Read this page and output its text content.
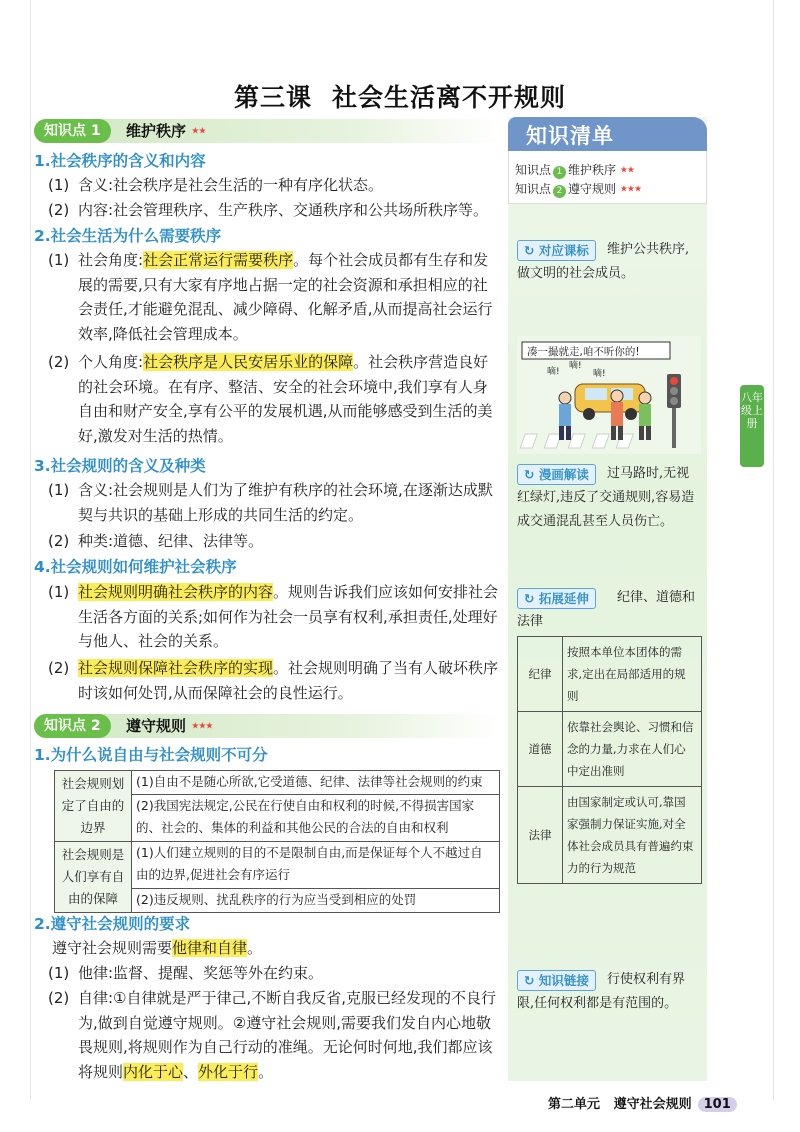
第三课 社会生活离不开规则
知识点 1	维护秩序 ★★
1.社会秩序的含义和内容
(1) 含义:社会秩序是社会生活的一种有序化状态。
(2) 内容:社会管理秩序、生产秩序、交通秩序和公共场所秩序等。
2.社会生活为什么需要秩序
(1) 社会角度:社会正常运行需要秩序。每个社会成员都有生存和发展的需要,只有大家有序地占据一定的社会资源和承担相应的社会责任,才能避免混乱、减少障碍、化解矛盾,从而提高社会运行效率,降低社会管理成本。
(2) 个人角度:社会秩序是人民安居乐业的保障。社会秩序营造良好的社会环境。在有序、整洁、安全的社会环境中,我们享有人身自由和财产安全,享有公平的发展机遇,从而能够感受到生活的美好,激发对生活的热情。
3.社会规则的含义及种类
(1) 含义:社会规则是人们为了维护有秩序的社会环境,在逐渐达成默契与共识的基础上形成的共同生活的约定。
(2) 种类:道德、纪律、法律等。
4.社会规则如何维护社会秩序
(1) 社会规则明确社会秩序的内容。规则告诉我们应该如何安排社会生活各方面的关系;如何作为社会一员享有权利,承担责任,处理好与他人、社会的关系。
(2) 社会规则保障社会秩序的实现。社会规则明确了当有人破坏秩序时该如何处罚,从而保障社会的良性运行。
知识点 2	遵守规则 ★★★
1.为什么说自由与社会规则不可分
社会规则划定了自由的边界	(1)自由不是随心所欲,它受道德、纪律、法律等社会规则的约束
	(2)我国宪法规定,公民在行使自由和权利的时候,不得损害国家的、社会的、集体的利益和其他公民的合法的自由和权利
社会规则是人们享有自由的保障	(1)人们建立规则的目的不是限制自由,而是保证每个人不越过自由的边界,促进社会有序运行
	(2)违反规则、扰乱秩序的行为应当受到相应的处罚
2.遵守社会规则的要求
遵守社会规则需要他律和自律。
(1) 他律:监督、提醒、奖惩等外在约束。
(2) 自律:①自律就是严于律己,不断自我反省,克服已经发现的不良行为,做到自觉遵守规则。②遵守社会规则,需要我们发自内心地敬畏规则,将规则作为自己行动的准绳。无论何时何地,我们都应该将规则内化于心、外化于行。
知识清单
知识点 1 维护秩序 ★★
知识点 2 遵守规则 ★★★
↻ 对应课标	维护公共秩序,做文明的社会成员。
凑一撮就走,咱不听你的!
嘀!
嘀!
嘀!
↻ 漫画解读	过马路时,无视红绿灯,违反了交通规则,容易造成交通混乱甚至人员伤亡。
↻ 拓展延伸	纪律、道德和法律
纪律	按照本单位本团体的需求,定出在局部适用的规则
道德	依靠社会舆论、习惯和信念的力量,力求在人们心中定出准则
法律	由国家制定或认可,靠国家强制力保证实施,对全体社会成员具有普遍约束力的行为规范
↻ 知识链接	行使权利有界限,任何权利都是有范围的。
八年级上册
第二单元 遵守社会规则 101
